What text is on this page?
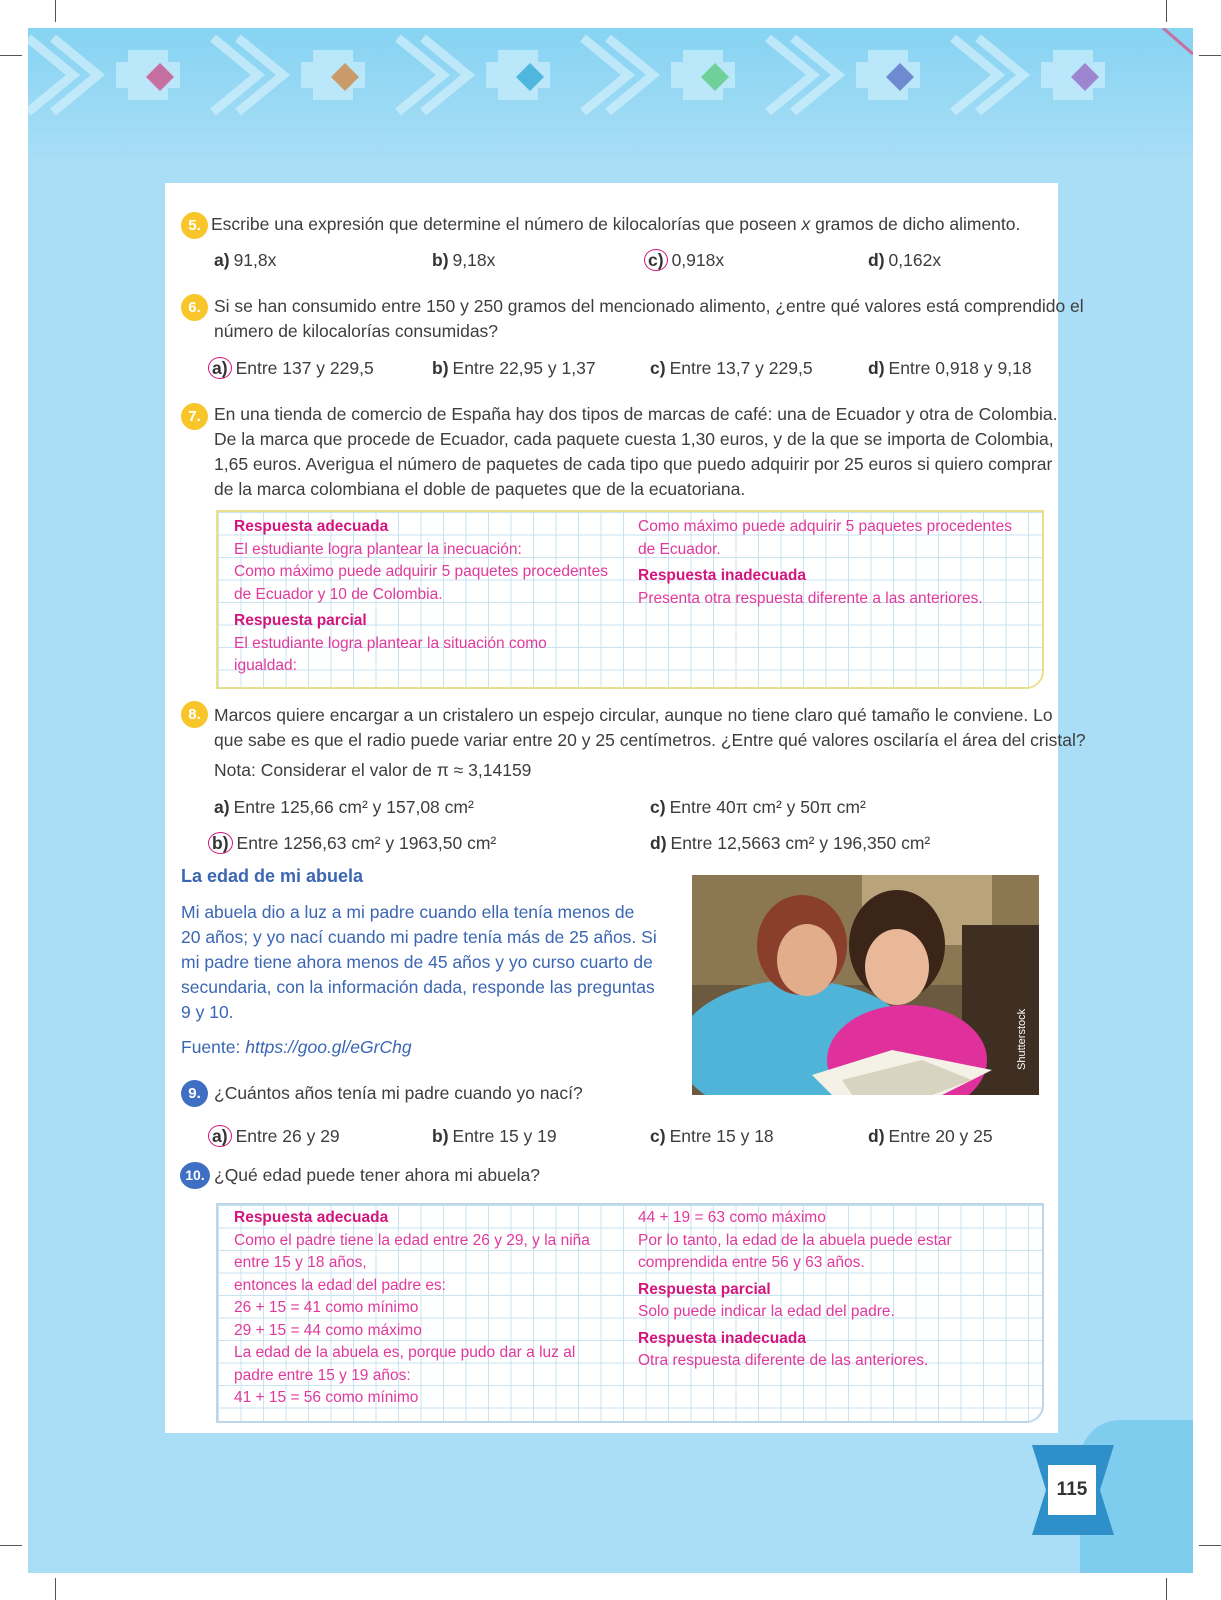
5. Escribe una expresión que determine el número de kilocalorías que poseen x gramos de dicho alimento.
a) 91,8x	b) 9,18x	c) 0,918x	d) 0,162x
6. Si se han consumido entre 150 y 250 gramos del mencionado alimento, ¿entre qué valores está comprendido el
número de kilocalorías consumidas?
a) Entre 137 y 229,5	b) Entre 22,95 y 1,37	c) Entre 13,7 y 229,5	d) Entre 0,918 y 9,18
7. En una tienda de comercio de España hay dos tipos de marcas de café: una de Ecuador y otra de Colombia.
De la marca que procede de Ecuador, cada paquete cuesta 1,30 euros, y de la que se importa de Colombia,
1,65 euros. Averigua el número de paquetes de cada tipo que puedo adquirir por 25 euros si quiero comprar
de la marca colombiana el doble de paquetes que de la ecuatoriana.
Respuesta adecuada
El estudiante logra plantear la inecuación:
Como máximo puede adquirir 5 paquetes procedentes
de Ecuador y 10 de Colombia.
Respuesta parcial
El estudiante logra plantear la situación como
igualdad:
Como máximo puede adquirir 5 paquetes procedentes
de Ecuador.
Respuesta inadecuada
Presenta otra respuesta diferente a las anteriores.
8. Marcos quiere encargar a un cristalero un espejo circular, aunque no tiene claro qué tamaño le conviene. Lo
que sabe es que el radio puede variar entre 20 y 25 centímetros. ¿Entre qué valores oscilaría el área del cristal?
Nota: Considerar el valor de π ≈ 3,14159
a) Entre 125,66 cm² y 157,08 cm²	c) Entre 40π cm² y 50π cm²
b) Entre 1256,63 cm² y 1963,50 cm²	d) Entre 12,5663 cm² y 196,350 cm²
La edad de mi abuela
Mi abuela dio a luz a mi padre cuando ella tenía menos de
20 años; y yo nací cuando mi padre tenía más de 25 años. Si
mi padre tiene ahora menos de 45 años y yo curso cuarto de
secundaria, con la información dada, responde las preguntas
9 y 10.
Fuente: https://goo.gl/eGrChg	Shutterstock
9. ¿Cuántos años tenía mi padre cuando yo nací?
a) Entre 26 y 29	b) Entre 15 y 19	c) Entre 15 y 18	d) Entre 20 y 25
10. ¿Qué edad puede tener ahora mi abuela?
Respuesta adecuada
Como el padre tiene la edad entre 26 y 29, y la niña
entre 15 y 18 años,
entonces la edad del padre es:
26 + 15 = 41 como mínimo
29 + 15 = 44 como máximo
La edad de la abuela es, porque pudo dar a luz al
padre entre 15 y 19 años:
41 + 15 = 56 como mínimo
44 + 19 = 63 como máximo
Por lo tanto, la edad de la abuela puede estar
comprendida entre 56 y 63 años.
Respuesta parcial
Solo puede indicar la edad del padre.
Respuesta inadecuada
Otra respuesta diferente de las anteriores.
115
